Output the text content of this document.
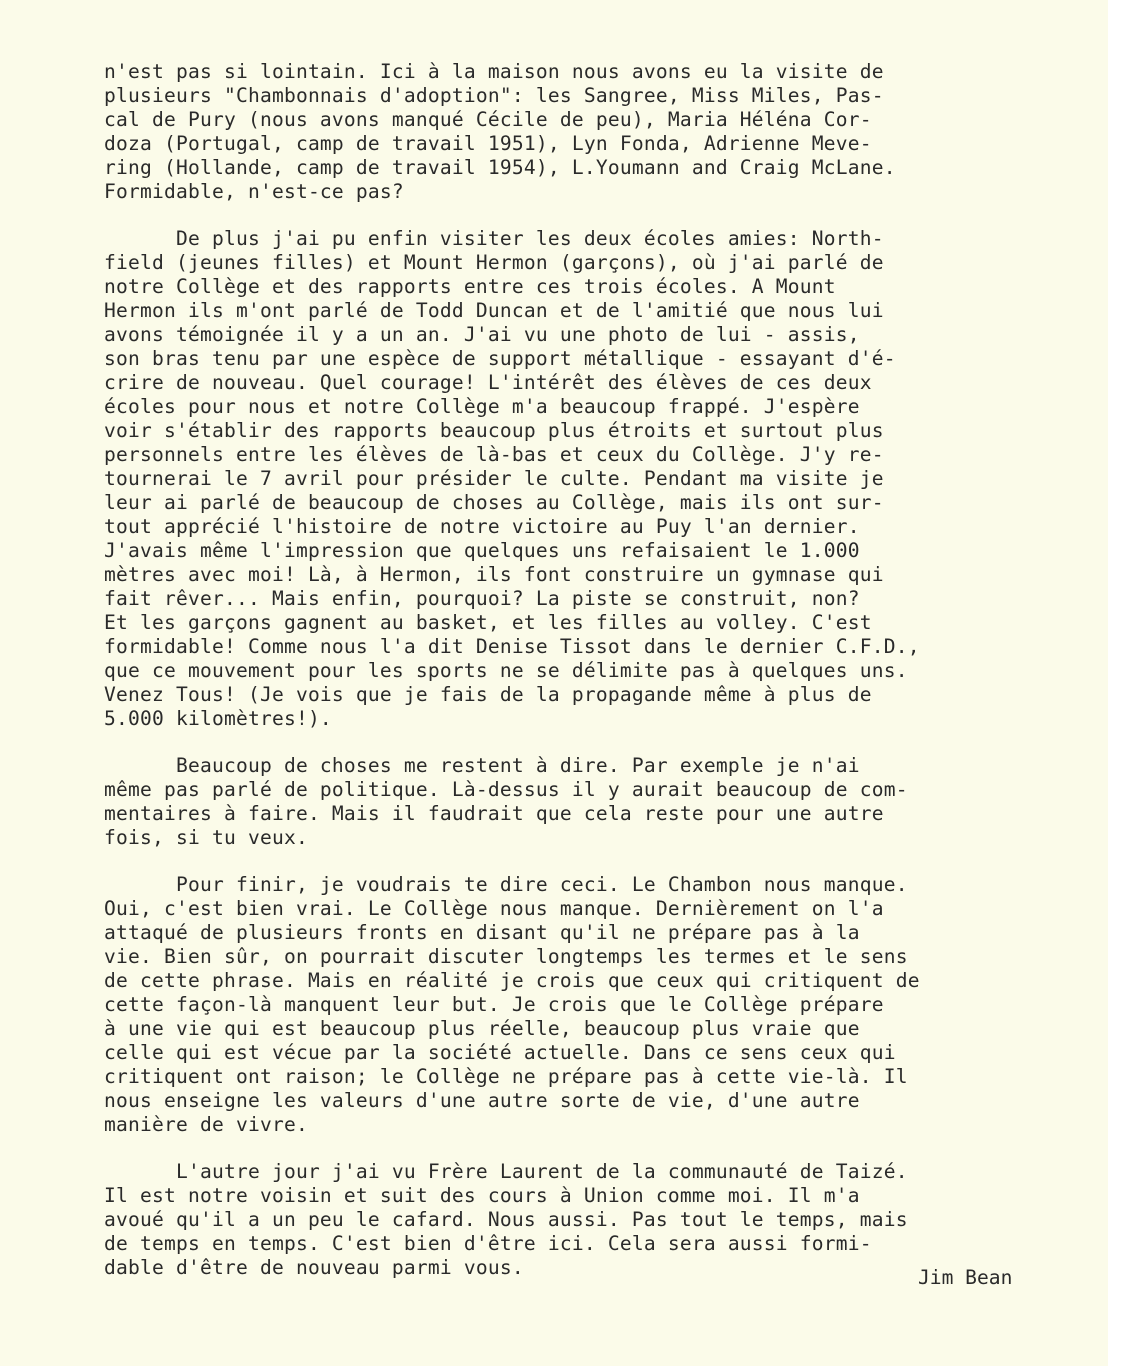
n'est pas si lointain. Ici à la maison nous avons eu la visite de
plusieurs "Chambonnais d'adoption": les Sangree, Miss Miles, Pas-
cal de Pury (nous avons manqué Cécile de peu), Maria Héléna Cor-
doza (Portugal, camp de travail 1951), Lyn Fonda, Adrienne Meve-
ring (Hollande, camp de travail 1954), L.Youmann and Craig McLane.
Formidable, n'est-ce pas?
De plus j'ai pu enfin visiter les deux écoles amies: North-
field (jeunes filles) et Mount Hermon (garçons), où j'ai parlé de
notre Collège et des rapports entre ces trois écoles. A Mount
Hermon ils m'ont parlé de Todd Duncan et de l'amitié que nous lui
avons témoignée il y a un an. J'ai vu une photo de lui - assis,
son bras tenu par une espèce de support métallique - essayant d'é-
crire de nouveau. Quel courage! L'intérêt des élèves de ces deux
écoles pour nous et notre Collège m'a beaucoup frappé. J'espère
voir s'établir des rapports beaucoup plus étroits et surtout plus
personnels entre les élèves de là-bas et ceux du Collège. J'y re-
tournerai le 7 avril pour présider le culte. Pendant ma visite je
leur ai parlé de beaucoup de choses au Collège, mais ils ont sur-
tout apprécié l'histoire de notre victoire au Puy l'an dernier.
J'avais même l'impression que quelques uns refaisaient le 1.000
mètres avec moi! Là, à Hermon, ils font construire un gymnase qui
fait rêver... Mais enfin, pourquoi? La piste se construit, non?
Et les garçons gagnent au basket, et les filles au volley. C'est
formidable! Comme nous l'a dit Denise Tissot dans le dernier C.F.D.,
que ce mouvement pour les sports ne se délimite pas à quelques uns.
Venez Tous! (Je vois que je fais de la propagande même à plus de
5.000 kilomètres!).
Beaucoup de choses me restent à dire. Par exemple je n'ai
même pas parlé de politique. Là-dessus il y aurait beaucoup de com-
mentaires à faire. Mais il faudrait que cela reste pour une autre
fois, si tu veux.
Pour finir, je voudrais te dire ceci. Le Chambon nous manque.
Oui, c'est bien vrai. Le Collège nous manque. Dernièrement on l'a
attaqué de plusieurs fronts en disant qu'il ne prépare pas à la
vie. Bien sûr, on pourrait discuter longtemps les termes et le sens
de cette phrase. Mais en réalité je crois que ceux qui critiquent de
cette façon-là manquent leur but. Je crois que le Collège prépare
à une vie qui est beaucoup plus réelle, beaucoup plus vraie que
celle qui est vécue par la société actuelle. Dans ce sens ceux qui
critiquent ont raison; le Collège ne prépare pas à cette vie-là. Il
nous enseigne les valeurs d'une autre sorte de vie, d'une autre
manière de vivre.
L'autre jour j'ai vu Frère Laurent de la communauté de Taizé.
Il est notre voisin et suit des cours à Union comme moi. Il m'a
avoué qu'il a un peu le cafard. Nous aussi. Pas tout le temps, mais
de temps en temps. C'est bien d'être ici. Cela sera aussi formi-
dable d'être de nouveau parmi vous.	Jim Bean
